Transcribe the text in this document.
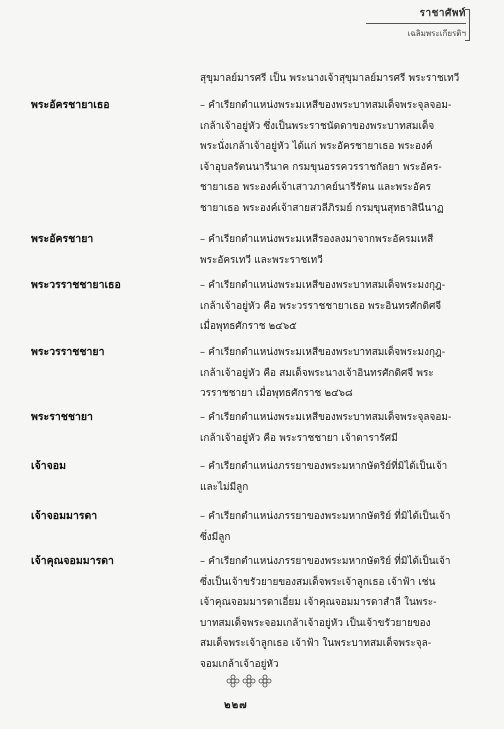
ราชาศัพท์
เฉลิมพระเกียรติฯ
สุขุมาลย์มารศรี เป็น พระนางเจ้าสุขุมาลย์มารศรี พระราชเทวี
พระอัครชายาเธอ	– คำเรียกตำแหน่งพระมเหสีของพระบาทสมเด็จพระจุลจอม-
เกล้าเจ้าอยู่หัว ซึ่งเป็นพระราชนัดดาของพระบาทสมเด็จ
พระนั่งเกล้าเจ้าอยู่หัว ได้แก่ พระอัครชายาเธอ พระองค์
เจ้าอุบลรัตนนารีนาค กรมขุนอรรควรราชกัลยา พระอัคร-
ชายาเธอ พระองค์เจ้าเสาวภาคย์นารีรัตน และพระอัคร
ชายาเธอ พระองค์เจ้าสายสวลีภิรมย์ กรมขุนสุทธาสินีนาฏ
พระอัครชายา	– คำเรียกตำแหน่งพระมเหสีรองลงมาจากพระอัครมเหสี
พระอัครเทวี และพระราชเทวี
พระวรราชชายาเธอ	– คำเรียกตำแหน่งพระมเหสีของพระบาทสมเด็จพระมงกุฎ-
เกล้าเจ้าอยู่หัว คือ พระวรราชชายาเธอ พระอินทรศักดิศจี
เมื่อพุทธศักราช ๒๔๖๕
พระวรราชชายา	– คำเรียกตำแหน่งพระมเหสีของพระบาทสมเด็จพระมงกุฎ-
เกล้าเจ้าอยู่หัว คือ สมเด็จพระนางเจ้าอินทรศักดิศจี พระ
วรราชชายา เมื่อพุทธศักราช ๒๔๖๘
พระราชชายา	– คำเรียกตำแหน่งพระมเหสีของพระบาทสมเด็จพระจุลจอม-
เกล้าเจ้าอยู่หัว คือ พระราชชายา เจ้าดารารัศมี
เจ้าจอม	– คำเรียกตำแหน่งภรรยาของพระมหากษัตริย์ที่มิได้เป็นเจ้า
และไม่มีลูก
เจ้าจอมมารดา	– คำเรียกตำแหน่งภรรยาของพระมหากษัตริย์ ที่มิได้เป็นเจ้า
ซึ่งมีลูก
เจ้าคุณจอมมารดา	– คำเรียกตำแหน่งภรรยาของพระมหากษัตริย์ ที่มิได้เป็นเจ้า
ซึ่งเป็นเจ้าขรัวยายของสมเด็จพระเจ้าลูกเธอ เจ้าฟ้า เช่น
เจ้าคุณจอมมารดาเอี่ยม เจ้าคุณจอมมารดาสำลี ในพระ-
บาทสมเด็จพระจอมเกล้าเจ้าอยู่หัว เป็นเจ้าขรัวยายของ
สมเด็จพระเจ้าลูกเธอ เจ้าฟ้า ในพระบาทสมเด็จพระจุล-
จอมเกล้าเจ้าอยู่หัว
๒๒๗
